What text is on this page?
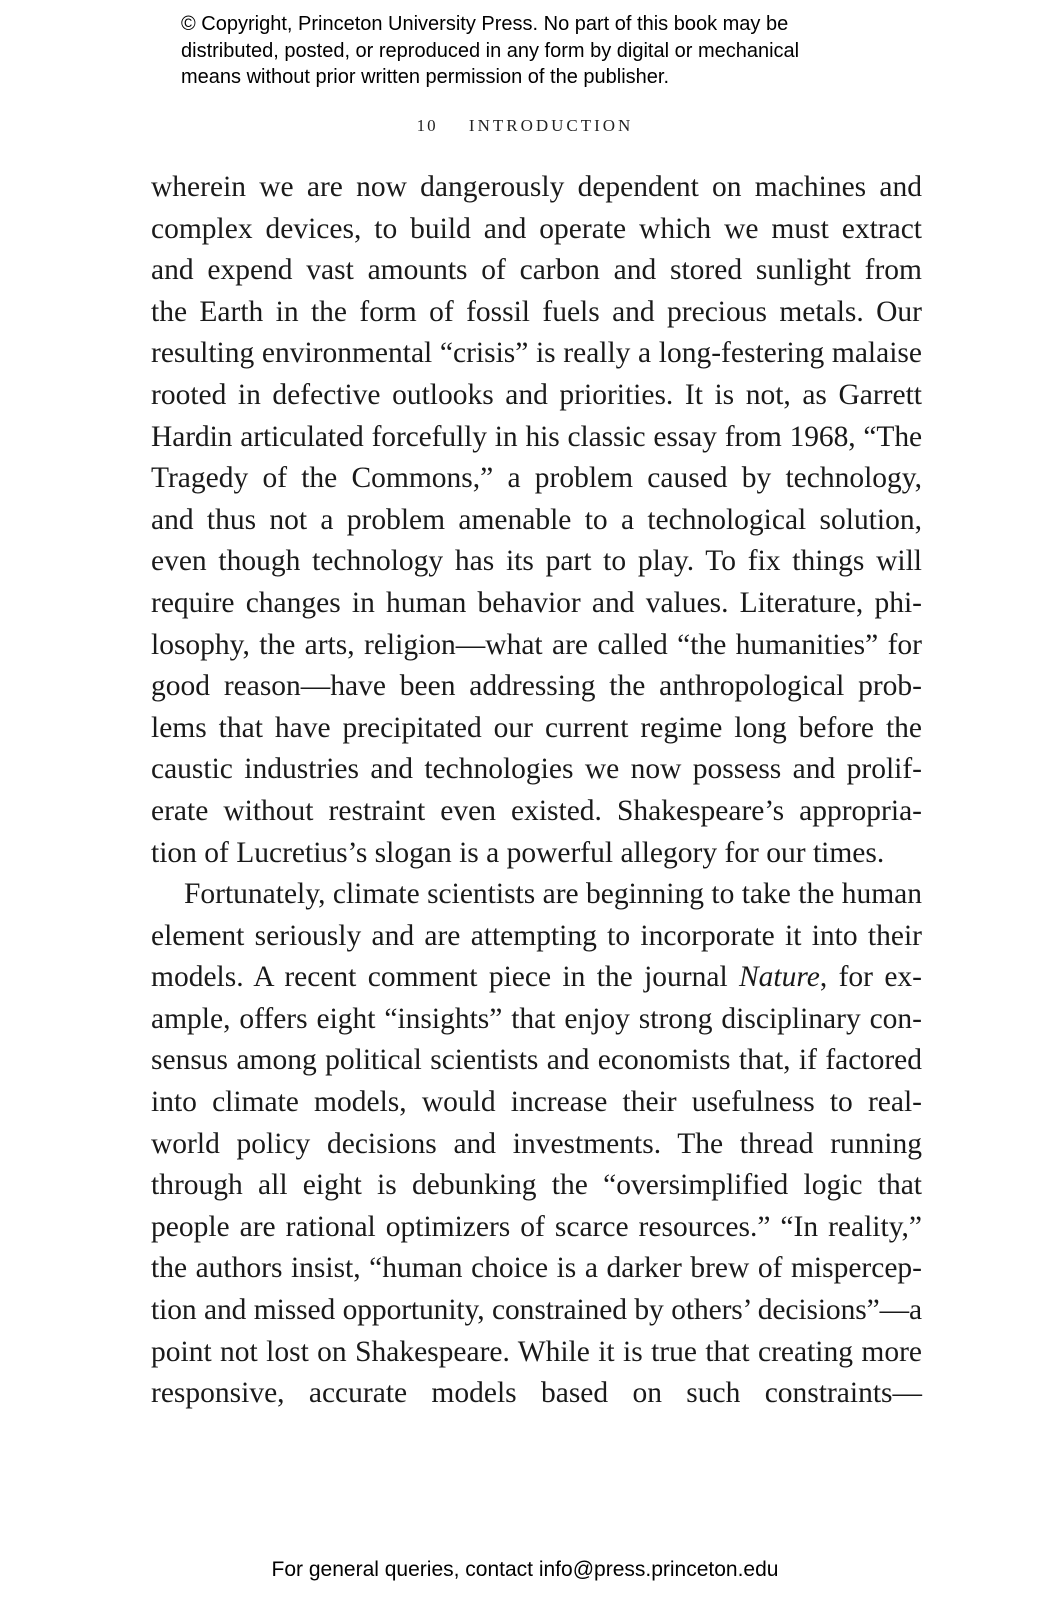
© Copyright, Princeton University Press. No part of this book may be
distributed, posted, or reproduced in any form by digital or mechanical
means without prior written permission of the publisher.
10 INTRODUCTION
wherein we are now dangerously dependent on machines and
complex devices, to build and operate which we must extract
and expend vast amounts of carbon and stored sunlight from
the Earth in the form of fossil fuels and precious metals. Our
resulting environmental “crisis” is really a long-festering malaise
rooted in defective outlooks and priorities. It is not, as Garrett
Hardin articulated forcefully in his classic essay from 1968, “The
Tragedy of the Commons,” a problem caused by technology,
and thus not a problem amenable to a technological solution,
even though technology has its part to play. To fix things will
require changes in human behavior and values. Literature, phi-
losophy, the arts, religion—what are called “the humanities” for
good reason—have been addressing the anthropological prob-
lems that have precipitated our current regime long before the
caustic industries and technologies we now possess and prolif-
erate without restraint even existed. Shakespeare’s appropria-
tion of Lucretius’s slogan is a powerful allegory for our times.
Fortunately, climate scientists are beginning to take the human
element seriously and are attempting to incorporate it into their
models. A recent comment piece in the journal Nature, for ex-
ample, offers eight “insights” that enjoy strong disciplinary con-
sensus among political scientists and economists that, if factored
into climate models, would increase their usefulness to real-
world policy decisions and investments. The thread running
through all eight is debunking the “oversimplified logic that
people are rational optimizers of scarce resources.” “In reality,”
the authors insist, “human choice is a darker brew of mispercep-
tion and missed opportunity, constrained by others’ decisions”—a
point not lost on Shakespeare. While it is true that creating more
responsive, accurate models based on such constraints—
For general queries, contact info@press.princeton.edu
